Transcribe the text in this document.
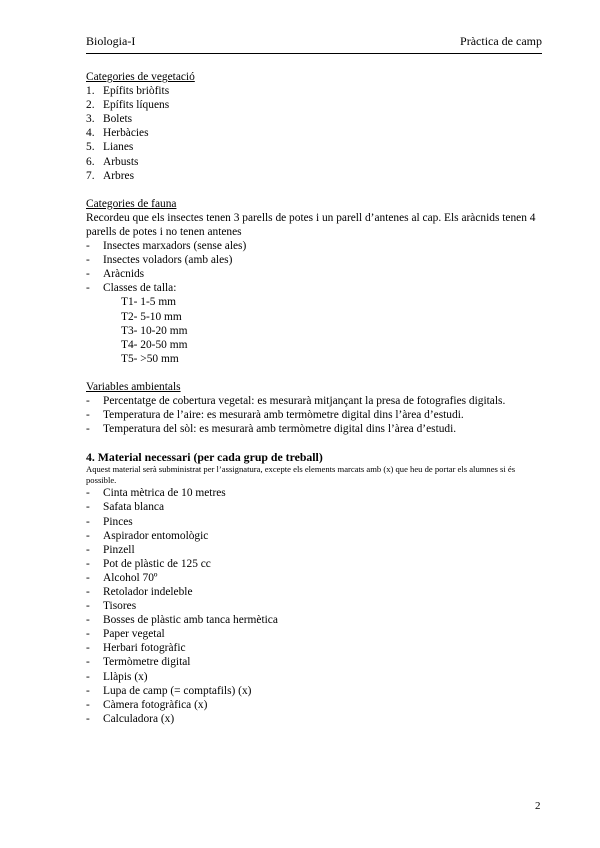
Biologia-I	Pràctica de camp
Categories de vegetació
1. Epífits briòfits
2. Epífits líquens
3. Bolets
4. Herbàcies
5. Lianes
6. Arbusts
7. Arbres
Categories de fauna
Recordeu que els insectes tenen 3 parells de potes i un parell d’antenes al cap. Els aràcnids tenen 4 parells de potes i no tenen antenes
-	Insectes marxadors (sense ales)
-	Insectes voladors (amb ales)
-	Aràcnids
-	Classes de talla:
T1- 1-5 mm
T2- 5-10 mm
T3- 10-20 mm
T4- 20-50 mm
T5- >50 mm
Variables ambientals
-	Percentatge de cobertura vegetal: es mesurarà mitjançant la presa de fotografies digitals.
-	Temperatura de l’aire: es mesurarà amb termòmetre digital dins l’àrea d’estudi.
-	Temperatura del sòl: es mesurarà amb termòmetre digital dins l’àrea d’estudi.
4. Material necessari (per cada grup de treball)
Aquest material serà subministrat per l’assignatura, excepte els elements marcats amb (x) que heu de portar els alumnes si és possible.
-	Cinta mètrica de 10 metres
-	Safata blanca
-	Pinces
-	Aspirador entomològic
-	Pinzell
-	Pot de plàstic de 125 cc
-	Alcohol 70º
-	Retolador indeleble
-	Tisores
-	Bosses de plàstic amb tanca hermètica
-	Paper vegetal
-	Herbari fotogràfic
-	Termòmetre digital
-	Llàpis (x)
-	Lupa de camp (= comptafils) (x)
-	Càmera fotogràfica (x)
-	Calculadora (x)
2
